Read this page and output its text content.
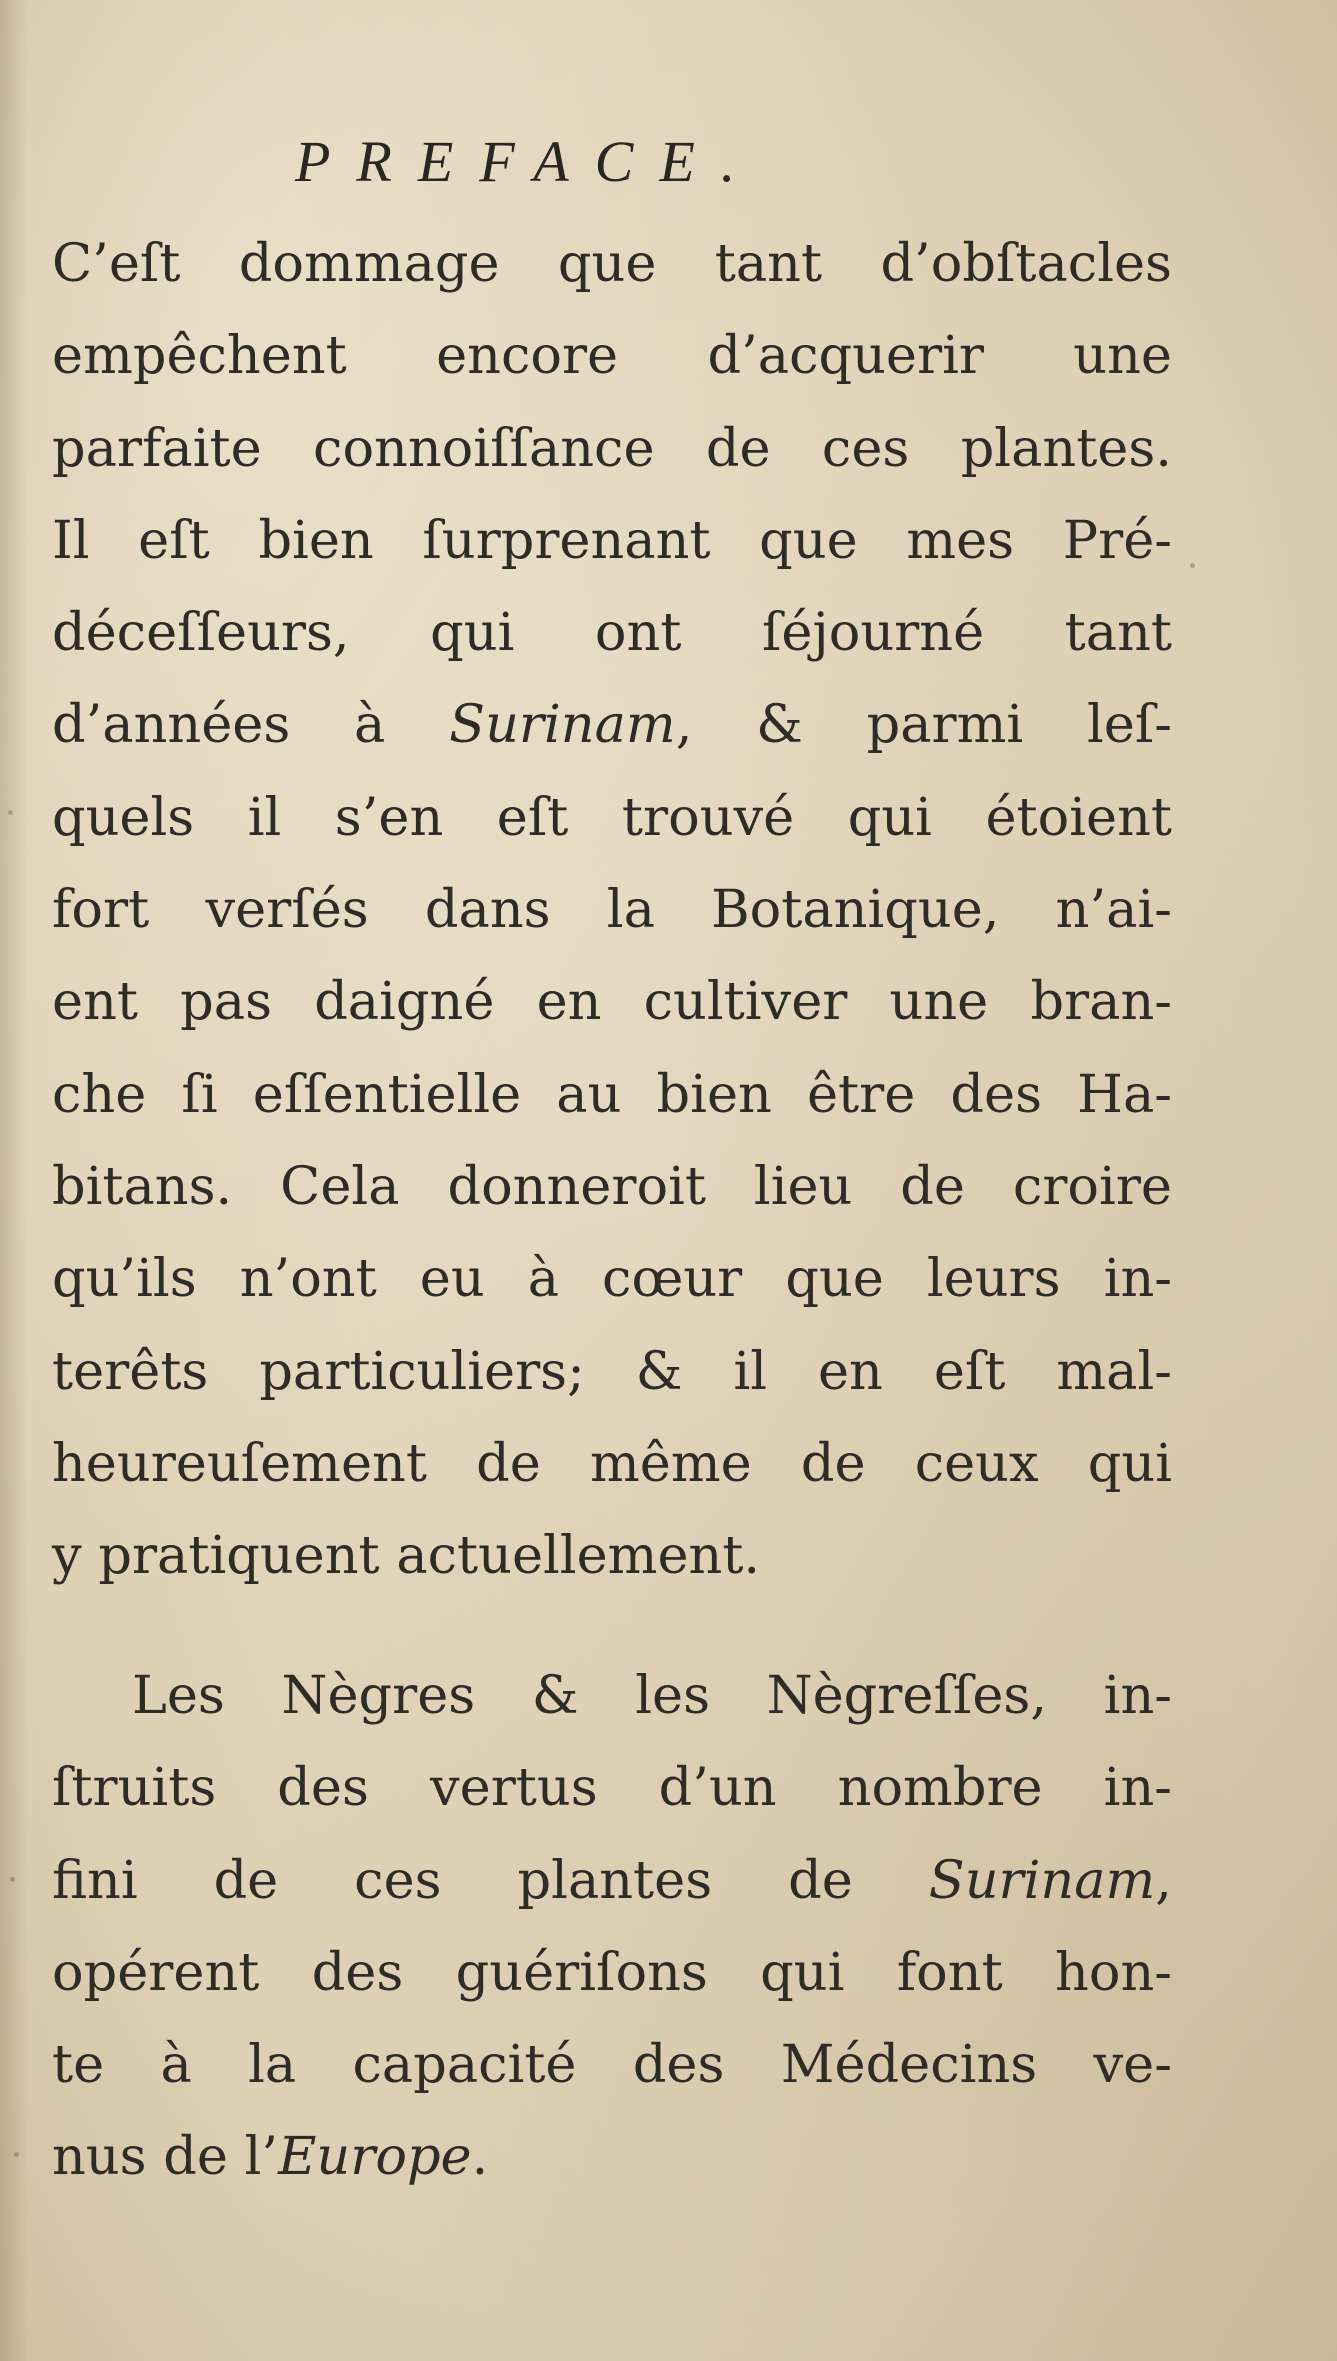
PREFACE.
C’eſt dommage que tant d’obſtacles
empêchent encore d’acquerir une
parfaite connoiſſance de ces plantes.
Il eſt bien ſurprenant que mes Pré-
déceſſeurs, qui ont ſéjourné tant
d’années à Surinam, & parmi leſ-
quels il s’en eſt trouvé qui étoient
fort verſés dans la Botanique, n’ai-
ent pas daigné en cultiver une bran-
che ſi eſſentielle au bien être des Ha-
bitans. Cela donneroit lieu de croire
qu’ils n’ont eu à cœur que leurs in-
terêts particuliers; & il en eſt mal-
heureuſement de même de ceux qui
y pratiquent actuellement.
Les Nègres & les Nègreſſes, in-
ſtruits des vertus d’un nombre in-
fini de ces plantes de Surinam,
opérent des guériſons qui font hon-
te à la capacité des Médecins ve-
nus de l’Europe.
